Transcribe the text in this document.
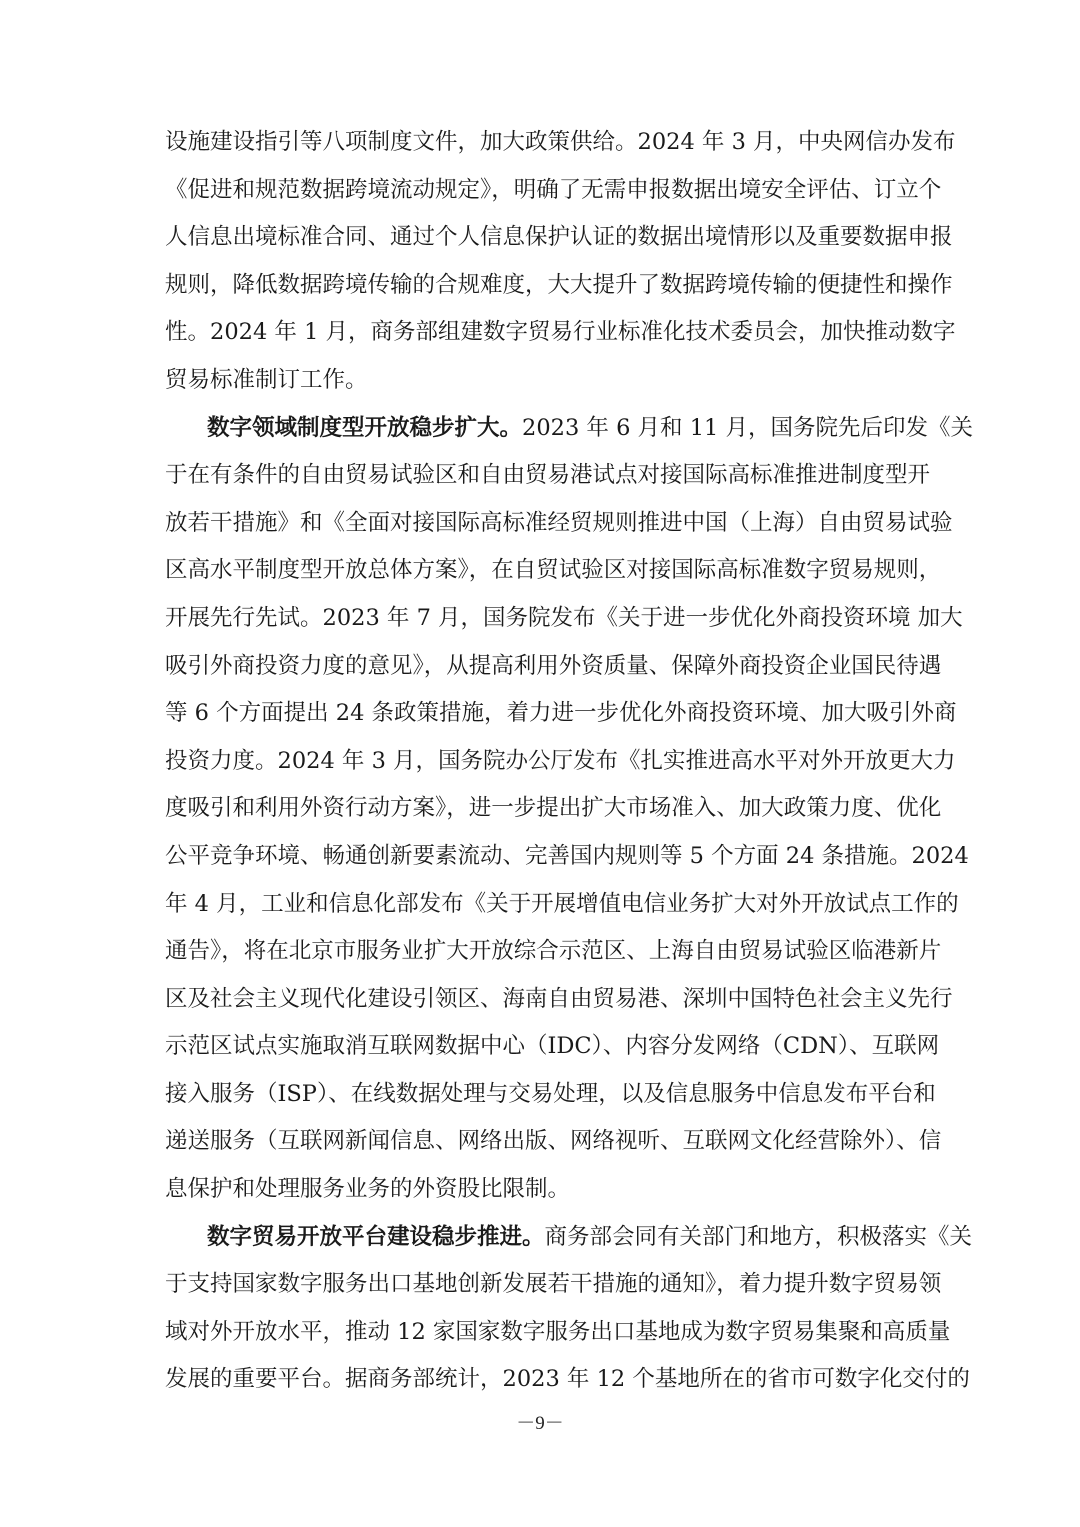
设施建设指引等八项制度文件，加大政策供给。2024 年 3 月，中央网信办发布
《促进和规范数据跨境流动规定》，明确了无需申报数据出境安全评估、订立个
人信息出境标准合同、通过个人信息保护认证的数据出境情形以及重要数据申报
规则，降低数据跨境传输的合规难度，大大提升了数据跨境传输的便捷性和操作
性。2024 年 1 月，商务部组建数字贸易行业标准化技术委员会，加快推动数字
贸易标准制订工作。
数字领域制度型开放稳步扩大。2023 年 6 月和 11 月，国务院先后印发《关
于在有条件的自由贸易试验区和自由贸易港试点对接国际高标准推进制度型开
放若干措施》和《全面对接国际高标准经贸规则推进中国（上海）自由贸易试验
区高水平制度型开放总体方案》，在自贸试验区对接国际高标准数字贸易规则，
开展先行先试。2023 年 7 月，国务院发布《关于进一步优化外商投资环境 加大
吸引外商投资力度的意见》，从提高利用外资质量、保障外商投资企业国民待遇
等 6 个方面提出 24 条政策措施，着力进一步优化外商投资环境、加大吸引外商
投资力度。2024 年 3 月，国务院办公厅发布《扎实推进高水平对外开放更大力
度吸引和利用外资行动方案》，进一步提出扩大市场准入、加大政策力度、优化
公平竞争环境、畅通创新要素流动、完善国内规则等 5 个方面 24 条措施。2024
年 4 月，工业和信息化部发布《关于开展增值电信业务扩大对外开放试点工作的
通告》，将在北京市服务业扩大开放综合示范区、上海自由贸易试验区临港新片
区及社会主义现代化建设引领区、海南自由贸易港、深圳中国特色社会主义先行
示范区试点实施取消互联网数据中心（IDC）、内容分发网络（CDN）、互联网
接入服务（ISP）、在线数据处理与交易处理，以及信息服务中信息发布平台和
递送服务（互联网新闻信息、网络出版、网络视听、互联网文化经营除外）、信
息保护和处理服务业务的外资股比限制。
数字贸易开放平台建设稳步推进。商务部会同有关部门和地方，积极落实《关
于支持国家数字服务出口基地创新发展若干措施的通知》，着力提升数字贸易领
域对外开放水平，推动 12 家国家数字服务出口基地成为数字贸易集聚和高质量
发展的重要平台。据商务部统计，2023 年 12 个基地所在的省市可数字化交付的
－9－
